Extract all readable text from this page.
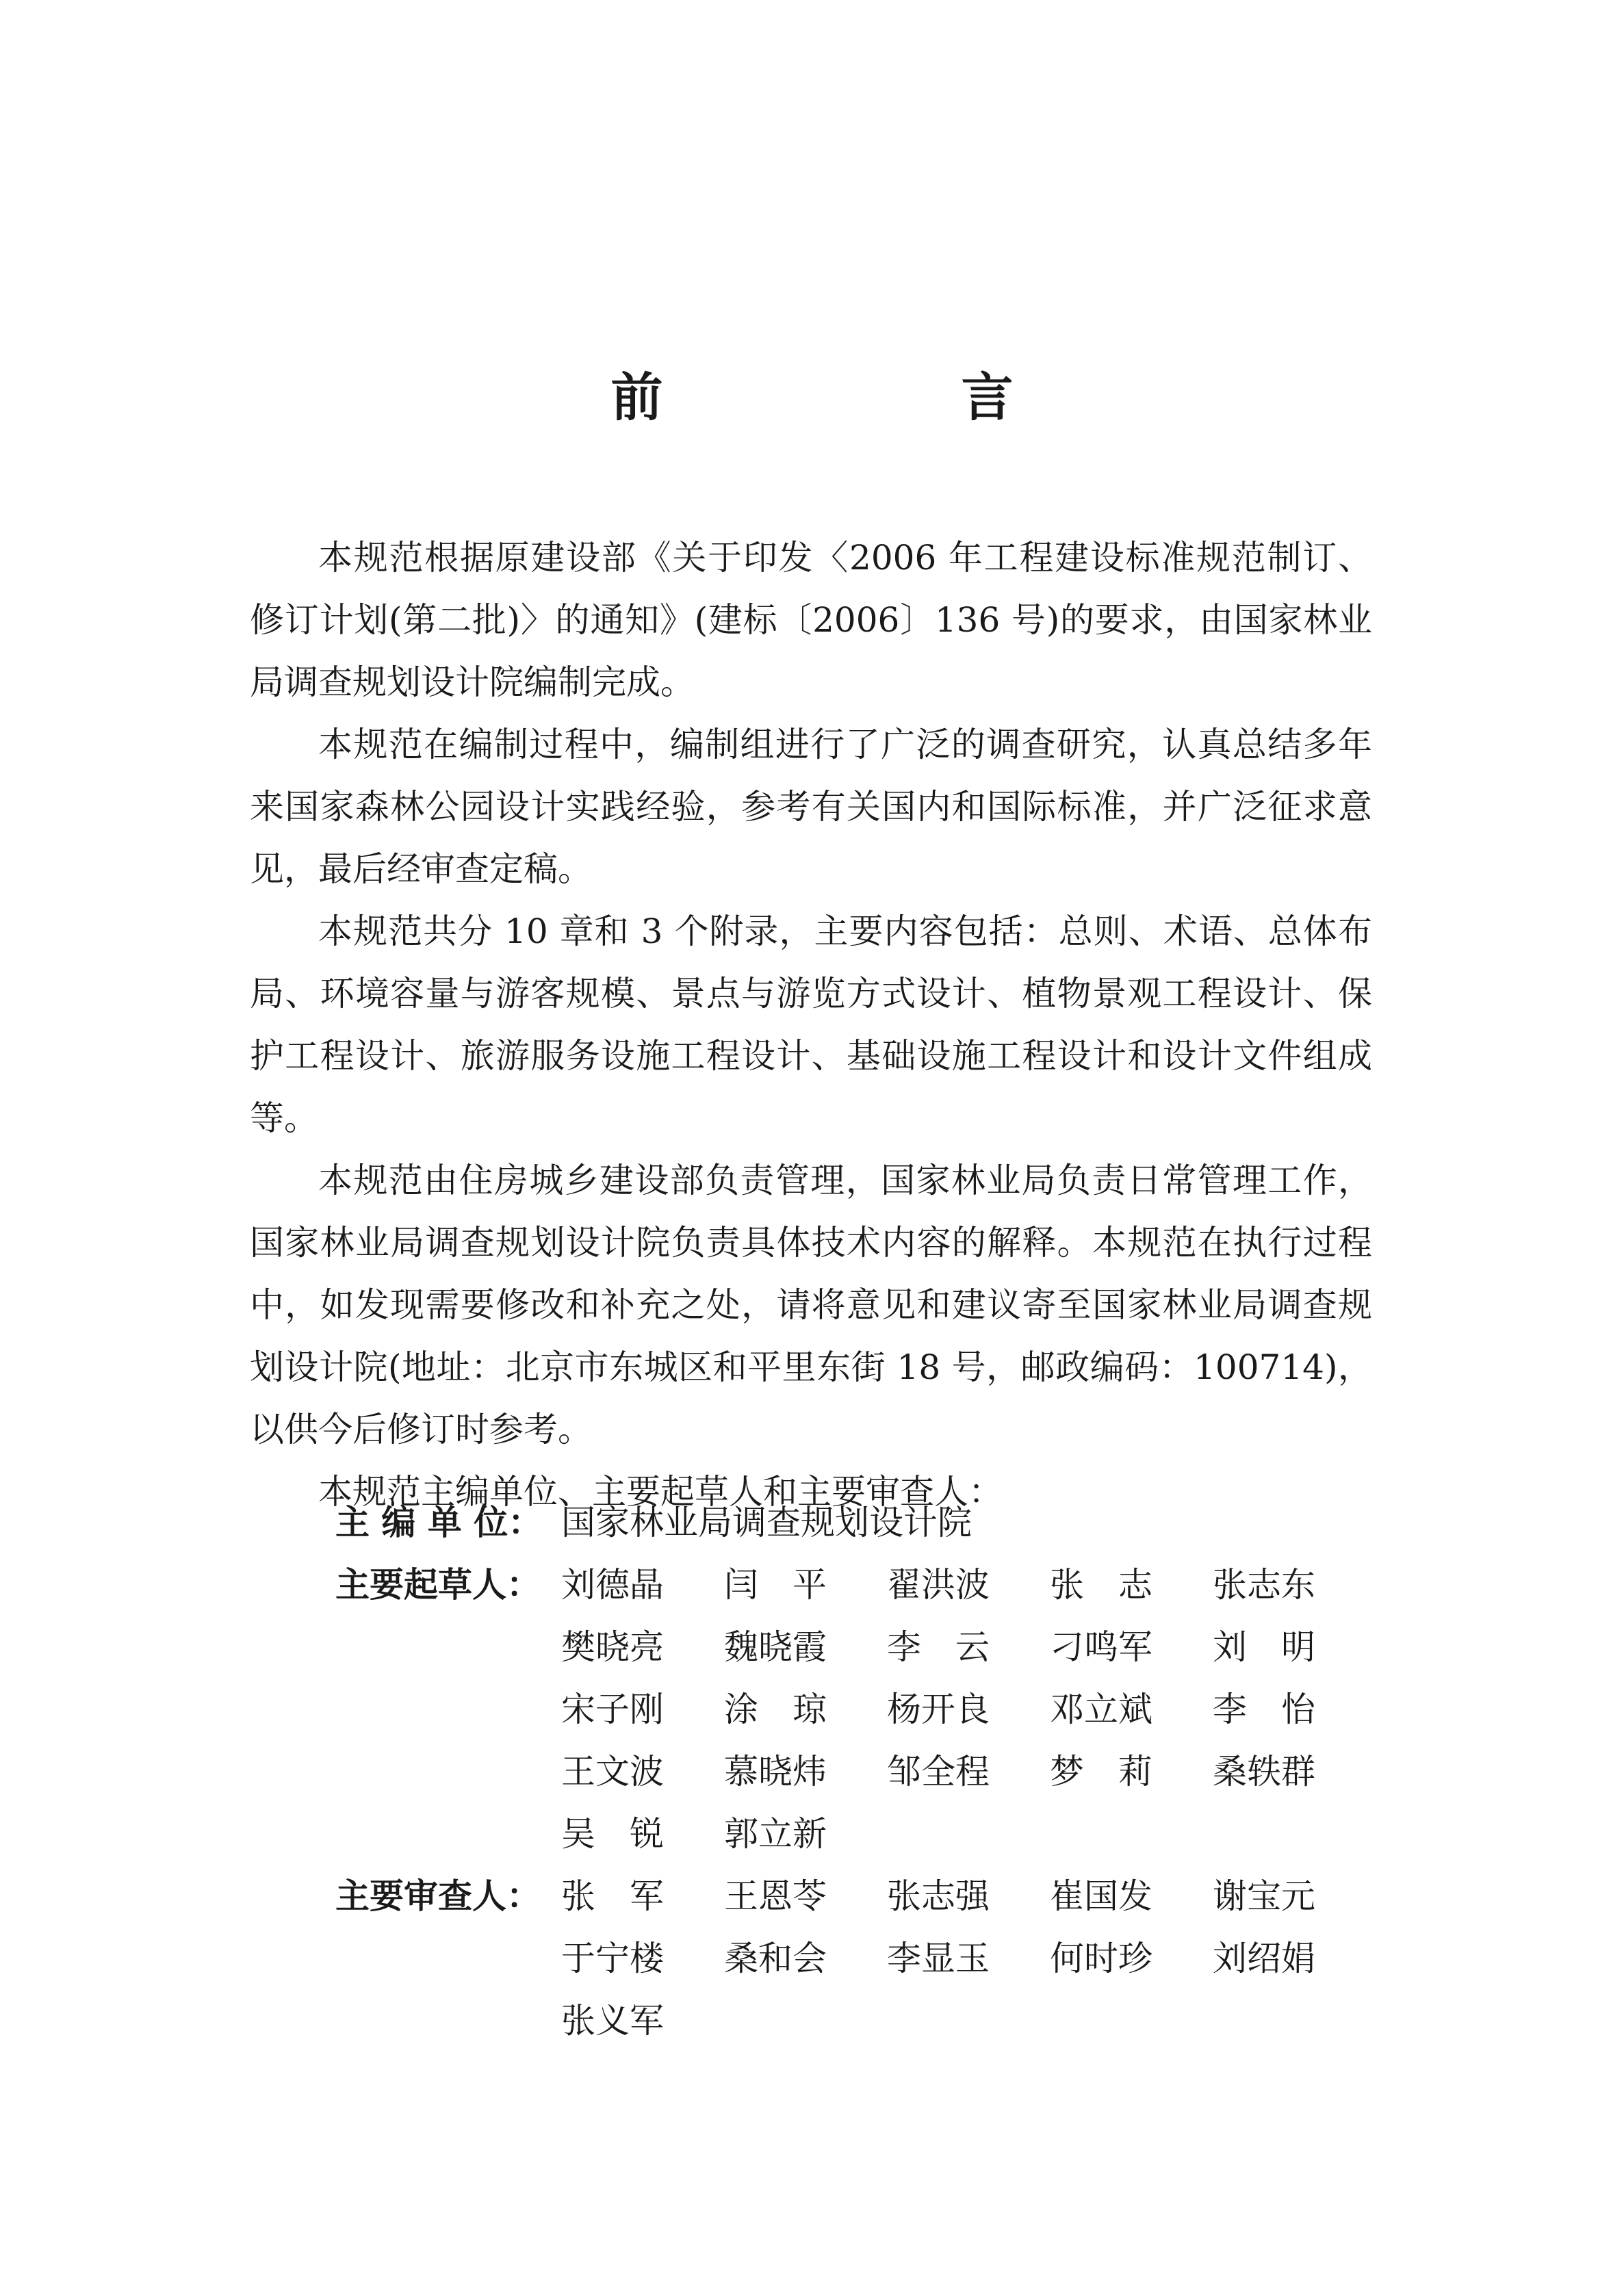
前　言

本规范根据原建设部《关于印发〈2006 年工程建设标准规范制订、修订计划(第二批)〉的通知》(建标〔2006〕136 号)的要求，由国家林业局调查规划设计院编制完成。

本规范在编制过程中，编制组进行了广泛的调查研究，认真总结多年来国家森林公园设计实践经验，参考有关国内和国际标准，并广泛征求意见，最后经审查定稿。

本规范共分 10 章和 3 个附录，主要内容包括：总则、术语、总体布局、环境容量与游客规模、景点与游览方式设计、植物景观工程设计、保护工程设计、旅游服务设施工程设计、基础设施工程设计和设计文件组成等。

本规范由住房城乡建设部负责管理，国家林业局负责日常管理工作，国家林业局调查规划设计院负责具体技术内容的解释。本规范在执行过程中，如发现需要修改和补充之处，请将意见和建议寄至国家林业局调查规划设计院(地址：北京市东城区和平里东街 18 号，邮政编码：100714)，以供今后修订时参考。

本规范主编单位、主要起草人和主要审查人：

主 编 单 位： 国家林业局调查规划设计院
主要起草人： 刘德晶	闫　平	翟洪波	张　志	张志东
樊晓亮	魏晓霞	李　云	刁鸣军	刘　明
宋子刚	涂　琼	杨开良	邓立斌	李　怡
王文波	慕晓炜	邹全程	梦　莉	桑轶群
吴　锐	郭立新
主要审查人： 张　军	王恩苓	张志强	崔国发	谢宝元
于宁楼	桑和会	李显玉	何时珍	刘绍娟
张义军
